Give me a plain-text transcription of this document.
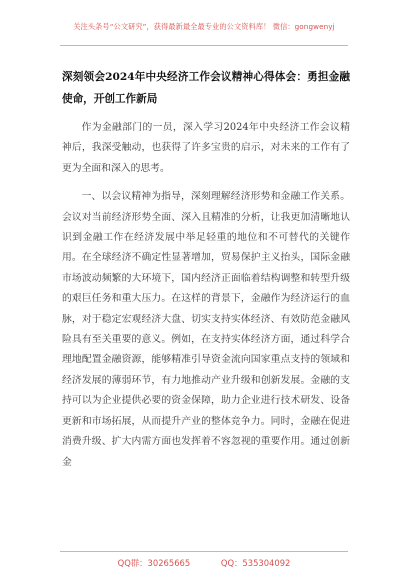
关注头条号“公文研究”，获得最新最全最专业的公文资料库！ 微信：gongwenyj
深刻领会2024年中央经济工作会议精神心得体会：勇担金融使命，开创工作新局

作为金融部门的一员，深入学习2024年中央经济工作会议精神后，我深受触动，也获得了许多宝贵的启示，对未来的工作有了更为全面和深入的思考。

一、以会议精神为指导，深刻理解经济形势和金融工作关系。会议对当前经济形势全面、深入且精准的分析，让我更加清晰地认识到金融工作在经济发展中举足轻重的地位和不可替代的关键作用。在全球经济不确定性显著增加，贸易保护主义抬头，国际金融市场波动频繁的大环境下，国内经济正面临着结构调整和转型升级的艰巨任务和重大压力。在这样的背景下，金融作为经济运行的血脉，对于稳定宏观经济大盘、切实支持实体经济、有效防范金融风险具有至关重要的意义。例如，在支持实体经济方面，通过科学合理地配置金融资源，能够精准引导资金流向国家重点支持的领域和经济发展的薄弱环节，有力地推动产业升级和创新发展。金融的支持可以为企业提供必要的资金保障，助力企业进行技术研发、设备更新和市场拓展，从而提升产业的整体竞争力。同时，金融在促进消费升级、扩大内需方面也发挥着不容忽视的重要作用。通过创新金

QQ群：30265665	QQ：535304092
